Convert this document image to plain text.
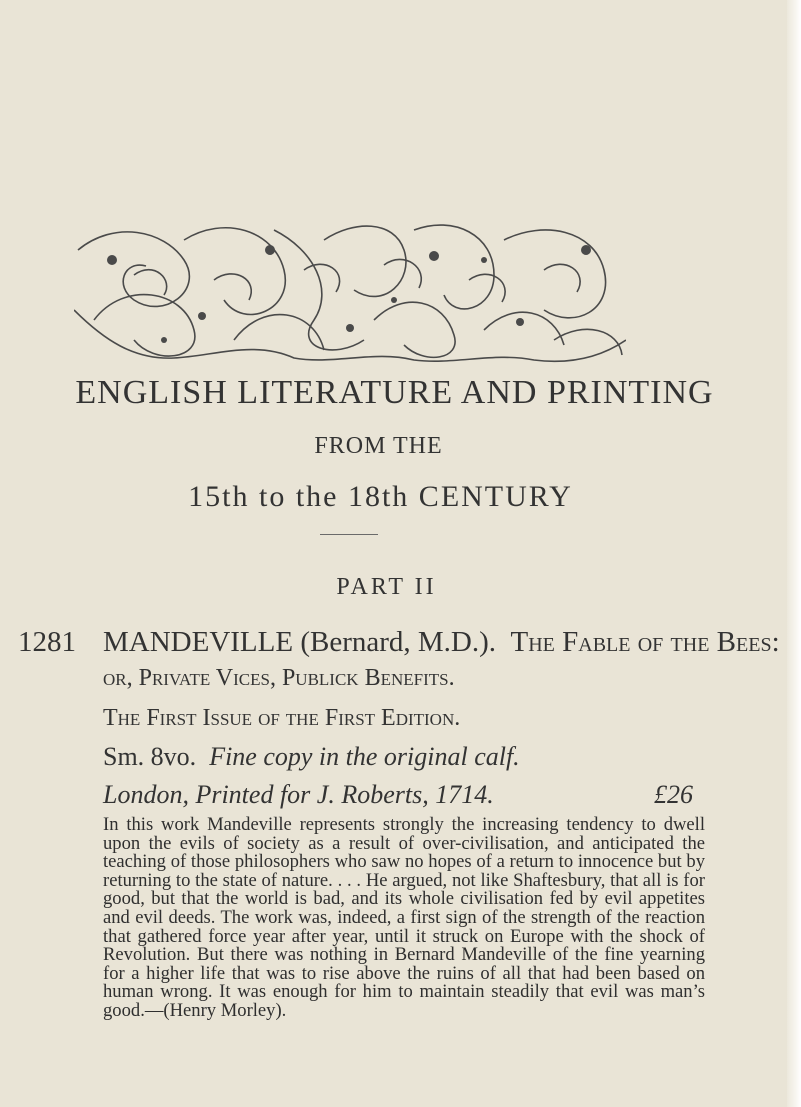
ENGLISH LITERATURE AND PRINTING
FROM THE
15th to the 18th CENTURY
PART II
1281 MANDEVILLE (Bernard, M.D.). The Fable of the Bees:
or, Private Vices, Publick Benefits.
The First Issue of the First Edition.
Sm. 8vo. Fine copy in the original calf.
London, Printed for J. Roberts, 1714.	£26
In this work Mandeville represents strongly the increasing tendency to dwell upon the evils of society as a result of over-civilisation, and anticipated the teaching of those philosophers who saw no hopes of a return to innocence but by returning to the state of nature. . . . He argued, not like Shaftesbury, that all is for good, but that the world is bad, and its whole civilisation fed by evil appetites and evil deeds. The work was, indeed, a first sign of the strength of the reaction that gathered force year after year, until it struck on Europe with the shock of Revolution. But there was nothing in Bernard Mandeville of the fine yearning for a higher life that was to rise above the ruins of all that had been based on human wrong. It was enough for him to maintain steadily that evil was man’s good.—(Henry Morley).
